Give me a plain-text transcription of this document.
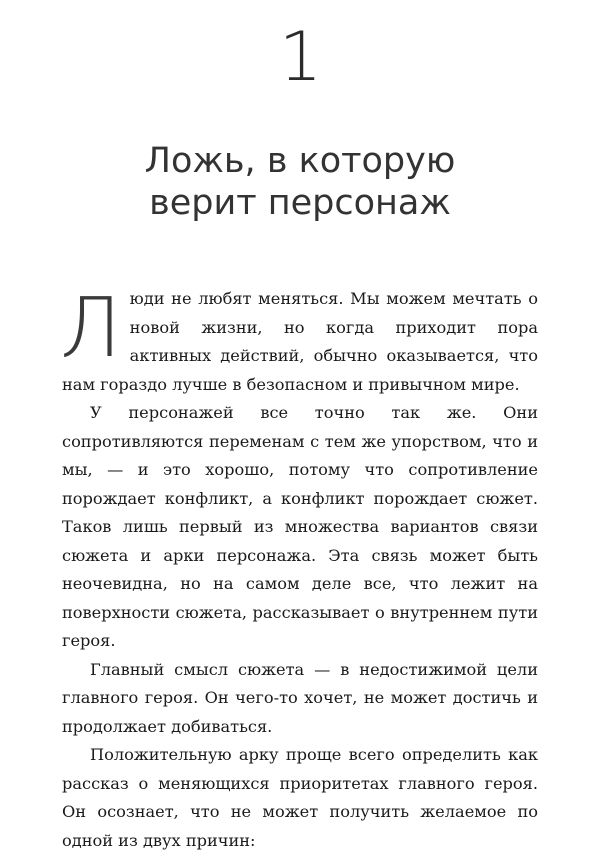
1
Ложь, в которую
верит персонаж

Люди не любят меняться. Мы можем мечтать о новой жизни, но когда приходит пора активных действий, обычно оказывается, что нам гораздо лучше в безопасном и привычном мире.

У персонажей все точно так же. Они сопротивляются переменам с тем же упорством, что и мы, — и это хорошо, потому что сопротивление порождает конфликт, а конфликт порождает сюжет. Таков лишь первый из множества вариантов связи сюжета и арки персонажа. Эта связь может быть неочевидна, но на самом деле все, что лежит на поверхности сюжета, рассказывает о внутреннем пути героя.

Главный смысл сюжета — в недостижимой цели главного героя. Он чего-то хочет, не может достичь и продолжает добиваться.

Положительную арку проще всего определить как рассказ о меняющихся приоритетах главного героя. Он осознает, что не может получить желаемое по одной из двух причин:
